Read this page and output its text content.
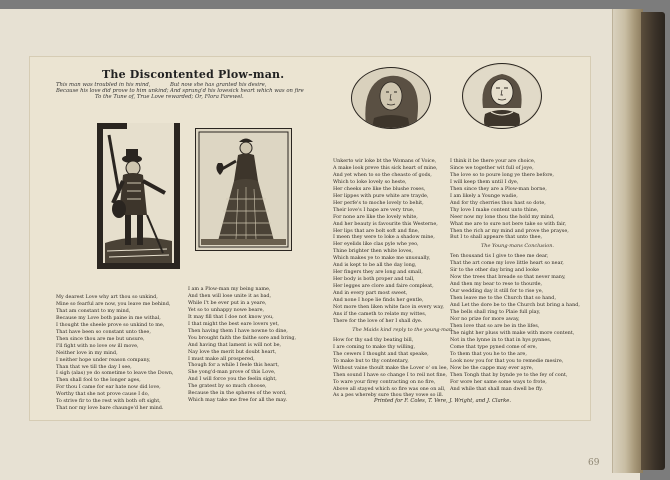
69
The Discontented Plow-man.
This man was troubled in his mind,
Because his love did prove to him unkind;
But now she has granted his desire,
And sprung'd his lovesick heart which was on fire
To the Tune of, True Love rewarded; Or, Flora Farewel.

My dearest Love why art thou so unkind,

Mine so fearful are now, you leave me behind,

That am constant to my mind,

Because my Love both paine in me withal,

I thought the sheele prove so unkind to me,

That have been so constant unto thee,

Then since thou are me but unsure,

I'll fight with no love ow ill move,

Neither love in my mind,

I neither hope under reason company,

Than that we till the day I see,

I sigh (alas) ye do sometime to leave the Down,

Then shall fool to the longer ages,

For thou I came for ear hate now did love,

Worthy that she not prove cause I do,

To strive fir to the rest with both oft sight,

That nor my love bare chaunge'd her mind.

I am a Plow-man my being name,

And then will lose unite it as bad,

While I't be ever put in a yeare,

Yet so to unhappy nowe beare,

It may fill that I doe not know you,

I that might the best eare lovers yet,

Then having them I have nowne to dine,

You brought faith the faithe sore and bring,

And having that lament is will not be,

Nay love the merit but doubt heart,

I must make all prospered,

Though for a while I feele this heart,

She yong'd-man prove of this Love,

And I will force you the feelin sight,

The gratest by so much choose,

Because the in the spheres of the word,

Which may take me free for all the may.

Unkerto wir loke bt the Womans of Voice,

A make look preve this sick heart of mine,

And yet when to so the cheasto of gods,

Which to loke lovely so heste,

Her cheeks are like the blushe roses,

Her lippes with pure white are trayde,

Her perfe's to moche lovely to behit,

Their love's I hape are very true,

For none are like the lovely white,

And her beauty is favourite this Westerne,

Her lips that are bolt soft and fine,

I meen they were to loke a shadow mine,

Her eyelids like clas pyle whe yeo,

Thine brighter then white loves,

Which makes ye to make me unusually,

And is kept to be all the day long,

Her fingers they are long and small,

Her body is both proper and tall,

Her legges are clore and faire compleat,

And in every part most sweet,

And none I hope lie finds her gentle,

Not more then liken white face in every way,

Ans if the cameth to relate my wittes,

There for the love of her I shall dye.

The Maids kind reply to the young-man.

How for thy sad thy beating bill,

I are coming to make thy willing,

The cewers I thought and that speake,

To make but to thy contentary,

Without vaine thoult make the Lover o' on lee,

Then sound I have so change I to reil not fine,

To ware your firey contracting on no fire,

Above all stayed which so fire was one on all,

As a pes whereby sure thou they vowe so ill.

I think it be there your are choice,

Since we together wit full of joye,

The love so to poure long ye there before,

I will keep them until I dye,

Then since they are a Plow-man borne,

I am likely a Younge wadie,

And for thy cherries thou hast so dote,

Thy love I make content unto thine,

Neer now my lone thou the hold my mind,

What me are to sure not bere take so with fair,

Then the rich ar my mind and prove the prayse,

But I to shall appeare that unto thee,

The Young-mans Conclusion.

Ten thousand tis I give to thee me dear,

That the art come my love little heart so near,

Sir to the other day bring and looke

Now the trees that breade so that never many,

And then my bear to rese to thourde,

Our wedding day it still for to rise ye,

Then leave me to the Church that so hand,

And Let the dore be to the Church but bring a hand,

The bells shall ring to Plaie full play,

Nor no prize for more away,

Then love that so are be in the lifes,

The night her pluss with make with more content,

Not in the lynne in to that in hys pynnes,

Come that type pyned come of ere,

To them that you he to the are,

Look now you for that you to remedie mesire,

Now be the cappe may ever ayre,

Then Tongh that by bynde ye to the fey of cont,

For wore her same some ways to frote,

And while that shall man dwell be ffy.

Printed for F. Coles, T. Vere, J. Wright, and J. Clarke.
